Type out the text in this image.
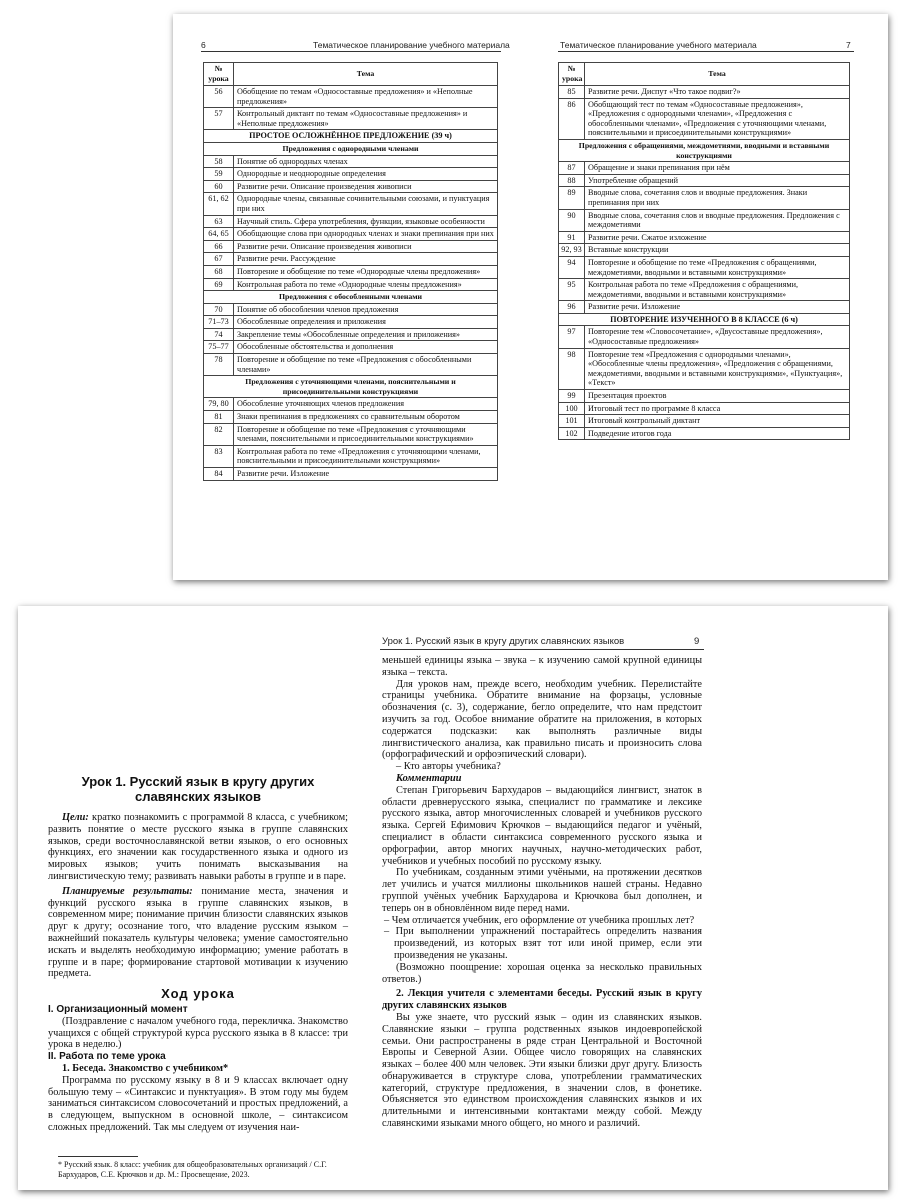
6	Тематическое планирование учебного материала
№ урока	Тема
56	Обобщение по темам «Односоставные предложения» и «Неполные предложения»
57	Контрольный диктант по темам «Односоставные предложения» и «Неполные предложения»
ПРОСТОЕ ОСЛОЖНЁННОЕ ПРЕДЛОЖЕНИЕ (39 ч)	
Предложения с однородными членами	
58	Понятие об однородных членах
59	Однородные и неоднородные определения
60	Развитие речи. Описание произведения живописи
61, 62	Однородные члены, связанные сочинительными союзами, и пунктуация при них
63	Научный стиль. Сфера употребления, функции, языковые особенности
64, 65	Обобщающие слова при однородных членах и знаки препинания при них
66	Развитие речи. Описание произведения живописи
67	Развитие речи. Рассуждение
68	Повторение и обобщение по теме «Однородные члены предложения»
69	Контрольная работа по теме «Однородные члены предложения»
Предложения с обособленными членами	
70	Понятие об обособлении членов предложения
71–73	Обособленные определения и приложения
74	Закрепление темы «Обособленные определения и приложения»
75–77	Обособленные обстоятельства и дополнения
78	Повторение и обобщение по теме «Предложения с обособленными членами»
Предложения с уточняющими членами, пояснительными и присоединительными конструкциями	
79, 80	Обособление уточняющих членов предложения
81	Знаки препинания в предложениях со сравнительным оборотом
82	Повторение и обобщение по теме «Предложения с уточняющими членами, пояснительными и присоединительными конструкциями»
83	Контрольная работа по теме «Предложения с уточняющими членами, пояснительными и присоединительными конструкциями»
84	Развитие речи. Изложение
Тематическое планирование учебного материала	7
№ урока	Тема
85	Развитие речи. Диспут «Что такое подвиг?»
86	Обобщающий тест по темам «Односоставные предложения», «Предложения с однородными членами», «Предложения с обособленными членами», «Предложения с уточняющими членами, пояснительными и присоединительными конструкциями»
Предложения с обращениями, междометиями, вводными и вставными конструкциями	
87	Обращение и знаки препинания при нём
88	Употребление обращений
89	Вводные слова, сочетания слов и вводные предложения. Знаки препинания при них
90	Вводные слова, сочетания слов и вводные предложения. Предложения с междометиями
91	Развитие речи. Сжатое изложение
92, 93	Вставные конструкции
94	Повторение и обобщение по теме «Предложения с обращениями, междометиями, вводными и вставными конструкциями»
95	Контрольная работа по теме «Предложения с обращениями, междометиями, вводными и вставными конструкциями»
96	Развитие речи. Изложение
ПОВТОРЕНИЕ ИЗУЧЕННОГО В 8 КЛАССЕ (6 ч)	
97	Повторение тем «Словосочетание», «Двусоставные предложения», «Односоставные предложения»
98	Повторение тем «Предложения с однородными членами», «Обособленные члены предложения», «Предложения с обращениями, междометиями, вводными и вставными конструкциями», «Пунктуация», «Текст»
99	Презентация проектов
100	Итоговый тест по программе 8 класса
101	Итоговый контрольный диктант
102	Подведение итогов года

Урок 1. Русский язык в кругу других славянских языков

Цели: кратко познакомить с программой 8 класса, с учебником; развить понятие о месте русского языка в группе славянских языков, среди восточнославянской ветви языков, о его основных функциях, его значении как государственного языка и одного из мировых языков; учить понимать высказывания на лингвистическую тему; развивать навыки работы в группе и в паре.

Планируемые результаты: понимание места, значения и функций русского языка в группе славянских языков, в современном мире; понимание причин близости славянских языков друг к другу; осознание того, что владение русским языком – важнейший показатель культуры человека; умение самостоятельно искать и выделять необходимую информацию; умение работать в группе и в паре; формирование стартовой мотивации к изучению предмета.

Ход урока

I. Организационный момент

(Поздравление с началом учебного года, перекличка. Знакомство учащихся с общей структурой курса русского языка в 8 классе: три урока в неделю.)

II. Работа по теме урока

1. Беседа. Знакомство с учебником*

Программа по русскому языку в 8 и 9 классах включает одну большую тему – «Синтаксис и пунктуация». В этом году мы будем заниматься синтаксисом словосочетаний и простых предложений, а в следующем, выпускном в основной школе, – синтаксисом сложных предложений. Так мы следуем от изучения наи-

* Русский язык. 8 класс: учебник для общеобразовательных организаций / С.Г. Бархударов, С.Е. Крючков и др. М.: Просвещение, 2023.
Урок 1. Русский язык в кругу других славянских языков	9

меньшей единицы языка – звука – к изучению самой крупной единицы языка – текста.

Для уроков нам, прежде всего, необходим учебник. Перелистайте страницы учебника. Обратите внимание на форзацы, условные обозначения (с. 3), содержание, бегло определите, что нам предстоит изучить за год. Особое внимание обратите на приложения, в которых содержатся подсказки: как выполнять различные виды лингвистического анализа, как правильно писать и произносить слова (орфографический и орфоэпический словари).

– Кто авторы учебника?

Комментарии

Степан Григорьевич Бархударов – выдающийся лингвист, знаток в области древнерусского языка, специалист по грамматике и лексике русского языка, автор многочисленных словарей и учебников русского языка. Сергей Ефимович Крючков – выдающийся педагог и учёный, специалист в области синтаксиса современного русского языка и орфографии, автор многих научных, научно-методических работ, учебников и учебных пособий по русскому языку.

По учебникам, созданным этими учёными, на протяжении десятков лет учились и учатся миллионы школьников нашей страны. Недавно группой учёных учебник Бархударова и Крючкова был дополнен, и теперь он в обновлённом виде перед нами.

– Чем отличается учебник, его оформление от учебника прошлых лет?

– При выполнении упражнений постарайтесь определить названия произведений, из которых взят тот или иной пример, если эти произведения не указаны.

(Возможно поощрение: хорошая оценка за несколько правильных ответов.)

2. Лекция учителя с элементами беседы. Русский язык в кругу других славянских языков

Вы уже знаете, что русский язык – один из славянских языков. Славянские языки – группа родственных языков индоевропейской семьи. Они распространены в ряде стран Центральной и Восточной Европы и Северной Азии. Общее число говорящих на славянских языках – более 400 млн человек. Эти языки близки друг другу. Близость обнаруживается в структуре слова, употреблении грамматических категорий, структуре предложения, в значении слов, в фонетике. Объясняется это единством происхождения славянских языков и их длительными и интенсивными контактами между собой. Между славянскими языками много общего, но много и различий.
